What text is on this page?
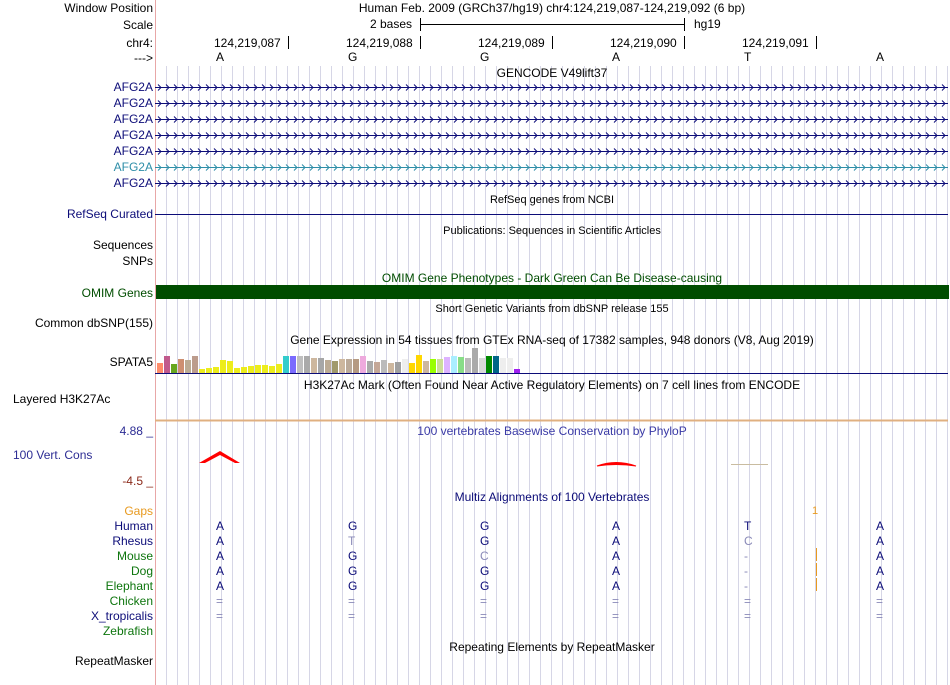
Window Position	Human Feb. 2009 (GRCh37/hg19) chr4:124,219,087-124,219,092 (6 bp)
Scale	2 bases	hg19
chr4:
--->
124,219,087	124,219,088	124,219,089	124,219,090	124,219,091
A	G	G	A	T	A
GENCODE V49lift37
AFG2A
AFG2A
AFG2A
AFG2A
AFG2A
AFG2A
AFG2A
RefSeq genes from NCBI
RefSeq Curated
Publications: Sequences in Scientific Articles
Sequences
SNPs
OMIM Gene Phenotypes - Dark Green Can Be Disease-causing
OMIM Genes
Short Genetic Variants from dbSNP release 155
Common dbSNP(155)
Gene Expression in 54 tissues from GTEx RNA-seq of 17382 samples, 948 donors (V8, Aug 2019)
SPATA5
H3K27Ac Mark (Often Found Near Active Regulatory Elements) on 7 cell lines from ENCODE
Layered H3K27Ac
4.88 _	100 vertebrates Basewise Conservation by PhyloP
100 Vert. Cons
-4.5 _
Multiz Alignments of 100 Vertebrates
Gaps	1
Human	A	G	G	A	T	A
Rhesus	A	T	G	A	C	A
Mouse	A	G	C	A	-	A
Dog	A	G	G	A	-	A
Elephant	A	G	G	A	-	A
Chicken	=	=	=	=	=	=
X_tropicalis	=	=	=	=	=	=
Zebrafish
Repeating Elements by RepeatMasker
RepeatMasker
